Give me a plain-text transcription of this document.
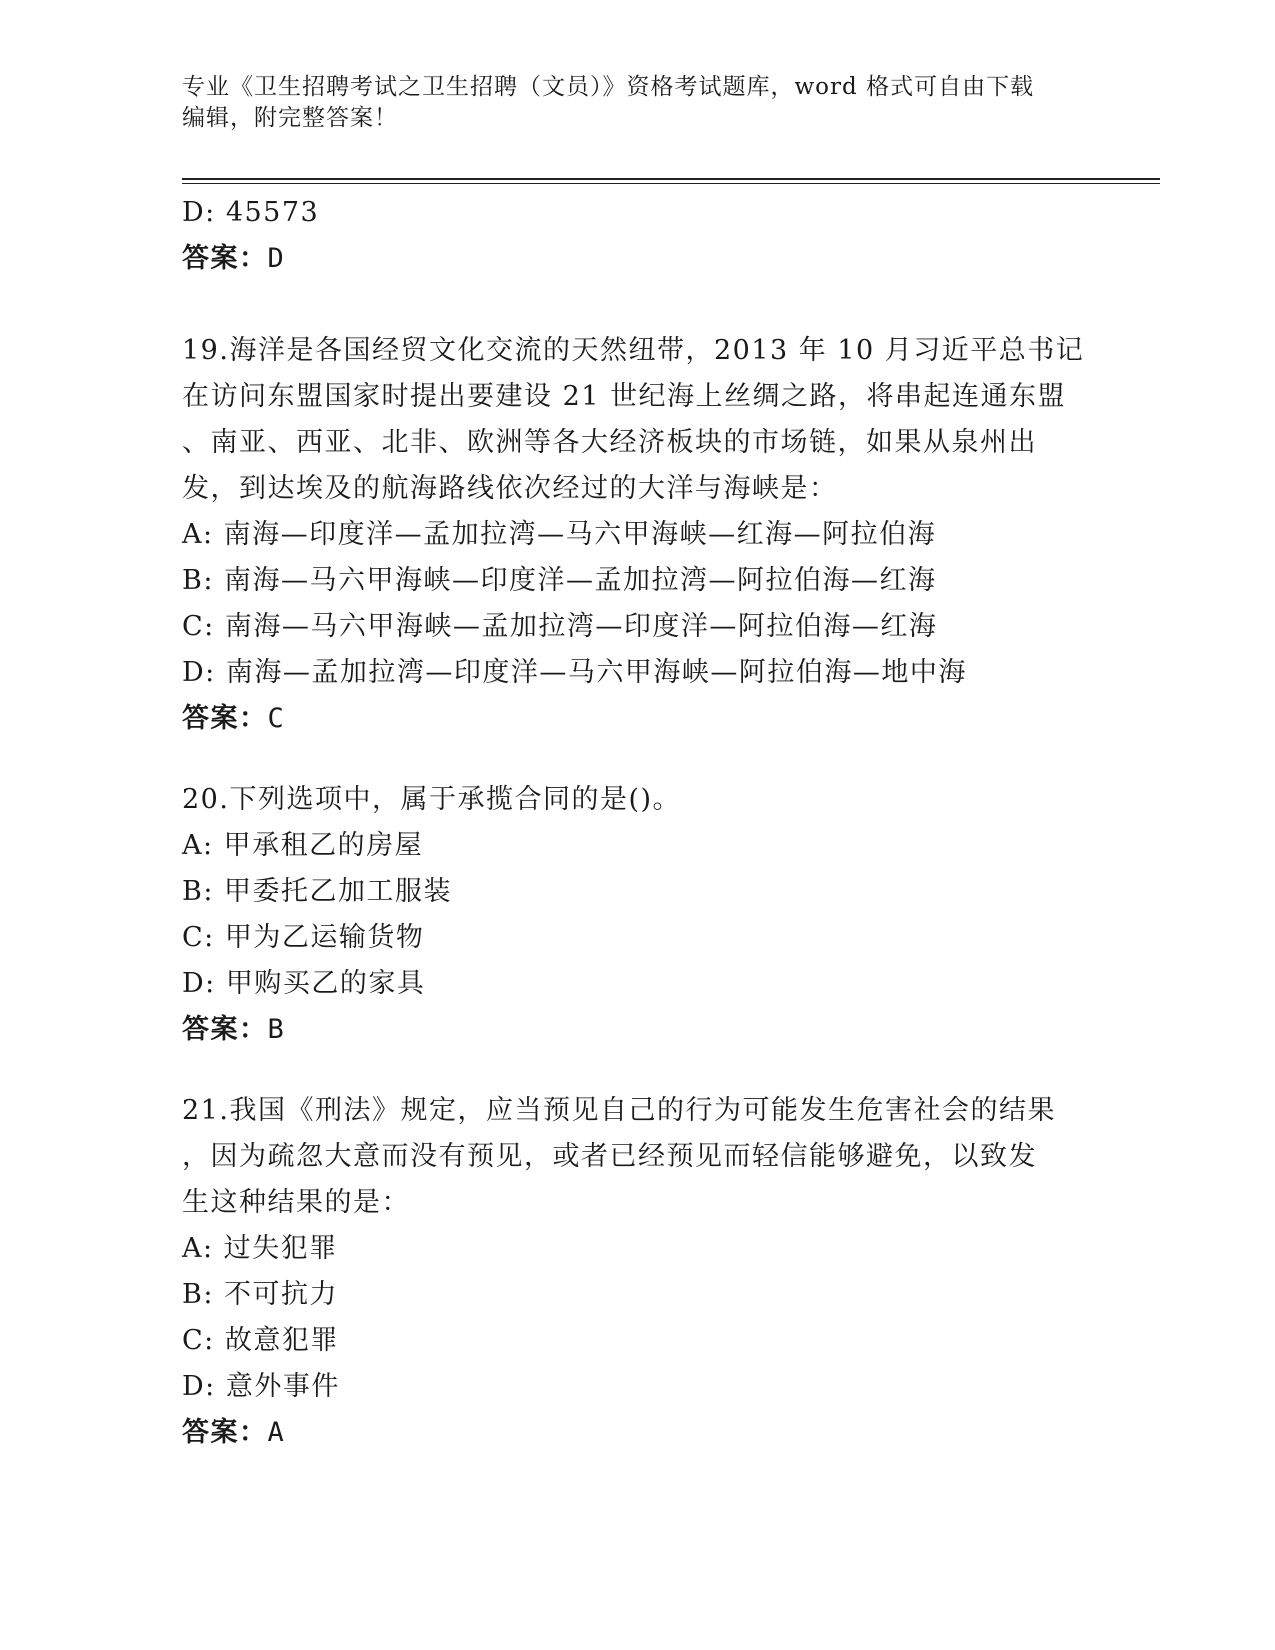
专业《卫生招聘考试之卫生招聘（文员）》资格考试题库，word 格式可自由下载
编辑，附完整答案！
D: 45573
答案：D
19.海洋是各国经贸文化交流的天然纽带，2013 年 10 月习近平总书记
在访问东盟国家时提出要建设 21 世纪海上丝绸之路，将串起连通东盟
、南亚、西亚、北非、欧洲等各大经济板块的市场链，如果从泉州出
发，到达埃及的航海路线依次经过的大洋与海峡是：
A: 南海—印度洋—孟加拉湾—马六甲海峡—红海—阿拉伯海
B: 南海—马六甲海峡—印度洋—孟加拉湾—阿拉伯海—红海
C: 南海—马六甲海峡—孟加拉湾—印度洋—阿拉伯海—红海
D: 南海—孟加拉湾—印度洋—马六甲海峡—阿拉伯海—地中海
答案：C
20.下列选项中，属于承揽合同的是()。
A: 甲承租乙的房屋
B: 甲委托乙加工服装
C: 甲为乙运输货物
D: 甲购买乙的家具
答案：B
21.我国《刑法》规定，应当预见自己的行为可能发生危害社会的结果
，因为疏忽大意而没有预见，或者已经预见而轻信能够避免，以致发
生这种结果的是：
A: 过失犯罪
B: 不可抗力
C: 故意犯罪
D: 意外事件
答案：A
